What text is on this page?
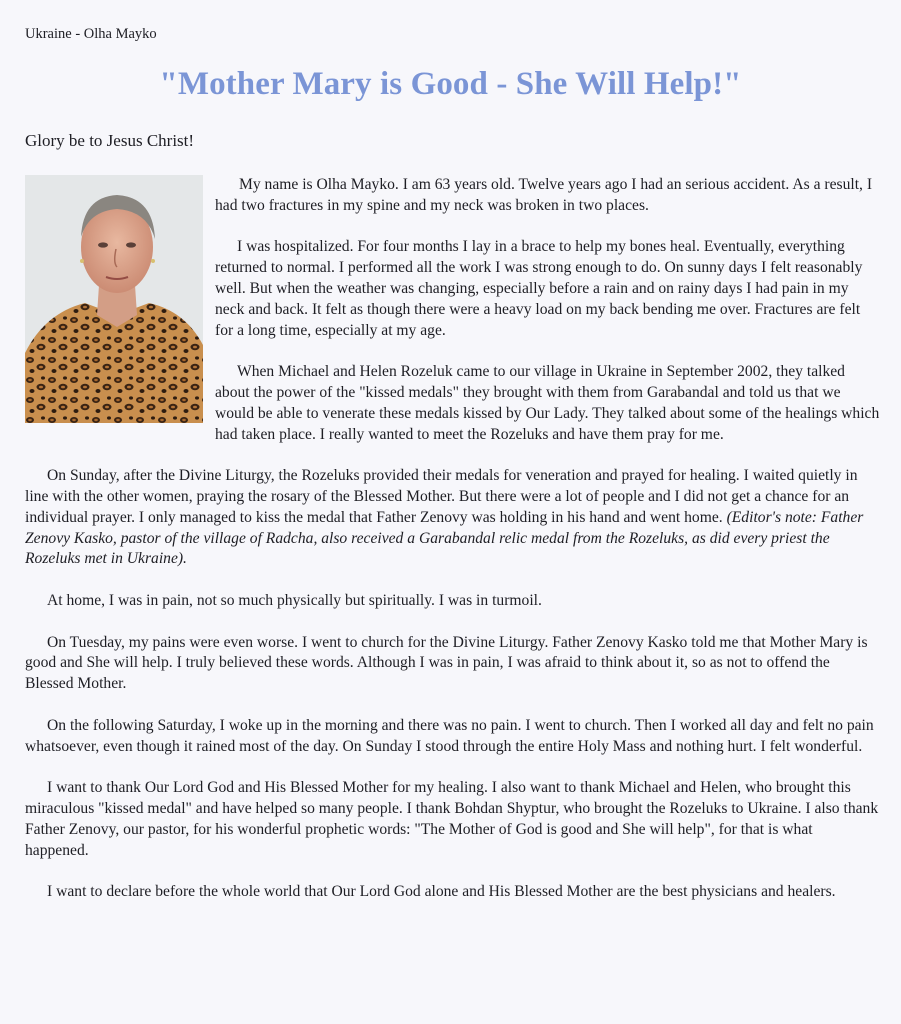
Ukraine - Olha Mayko
"Mother Mary is Good - She Will Help!"
Glory be to Jesus Christ!

My name is Olha Mayko. I am 63 years old. Twelve years ago I had an serious accident. As a result, I had two fractures in my spine and my neck was broken in two places.

I was hospitalized. For four months I lay in a brace to help my bones heal. Eventually, everything returned to normal. I performed all the work I was strong enough to do. On sunny days I felt reasonably well. But when the weather was changing, especially before a rain and on rainy days I had pain in my neck and back. It felt as though there were a heavy load on my back bending me over. Fractures are felt for a long time, especially at my age.

When Michael and Helen Rozeluk came to our village in Ukraine in September 2002, they talked about the power of the "kissed medals" they brought with them from Garabandal and told us that we would be able to venerate these medals kissed by Our Lady. They talked about some of the healings which had taken place. I really wanted to meet the Rozeluks and have them pray for me.

On Sunday, after the Divine Liturgy, the Rozeluks provided their medals for veneration and prayed for healing. I waited quietly in line with the other women, praying the rosary of the Blessed Mother. But there were a lot of people and I did not get a chance for an individual prayer. I only managed to kiss the medal that Father Zenovy was holding in his hand and went home. (Editor's note: Father Zenovy Kasko, pastor of the village of Radcha, also received a Garabandal relic medal from the Rozeluks, as did every priest the Rozeluks met in Ukraine).

At home, I was in pain, not so much physically but spiritually. I was in turmoil.

On Tuesday, my pains were even worse. I went to church for the Divine Liturgy. Father Zenovy Kasko told me that Mother Mary is good and She will help. I truly believed these words. Although I was in pain, I was afraid to think about it, so as not to offend the Blessed Mother.

On the following Saturday, I woke up in the morning and there was no pain. I went to church. Then I worked all day and felt no pain whatsoever, even though it rained most of the day. On Sunday I stood through the entire Holy Mass and nothing hurt. I felt wonderful.

I want to thank Our Lord God and His Blessed Mother for my healing. I also want to thank Michael and Helen, who brought this miraculous "kissed medal" and have helped so many people. I thank Bohdan Shyptur, who brought the Rozeluks to Ukraine. I also thank Father Zenovy, our pastor, for his wonderful prophetic words: "The Mother of God is good and She will help", for that is what happened.

I want to declare before the whole world that Our Lord God alone and His Blessed Mother are the best physicians and healers.
